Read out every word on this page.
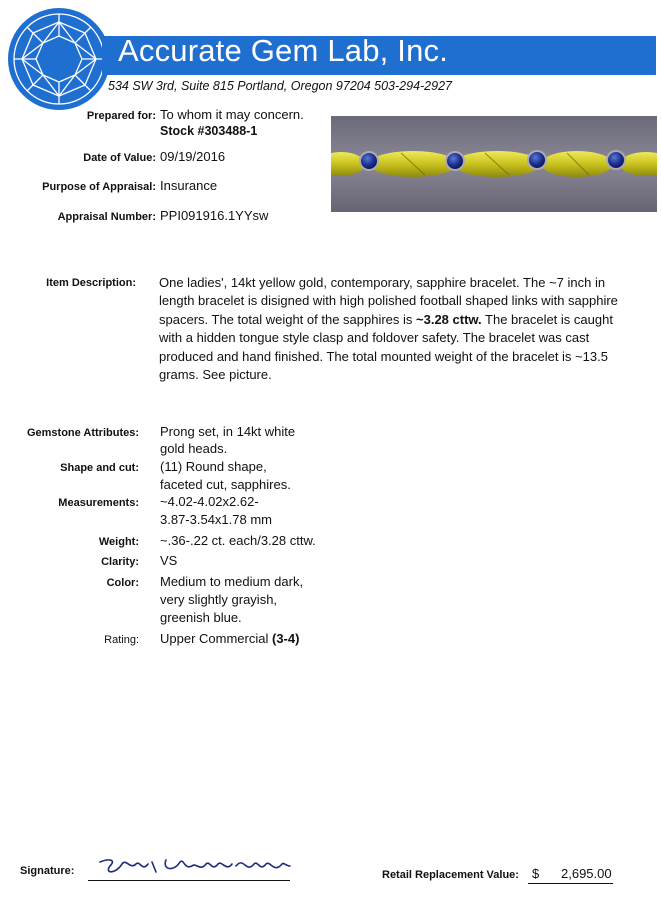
Accurate Gem Lab, Inc.
534 SW 3rd, Suite 815 Portland, Oregon 97204 503-294-2927
Prepared for: To whom it may concern.
Stock #303488-1
Date of Value: 09/19/2016
Purpose of Appraisal: Insurance
Appraisal Number: PPI091916.1YYsw
Item Description: One ladies', 14kt yellow gold, contemporary, sapphire bracelet. The ~7 inch in length bracelet is disigned with high polished football shaped links with sapphire spacers. The total weight of the sapphires is ~3.28 cttw. The bracelet is caught with a hidden tongue style clasp and foldover safety. The bracelet was cast produced and hand finished. The total mounted weight of the bracelet is ~13.5 grams. See picture.

Gemstone Attributes: Prong set, in 14kt white
gold heads.
Shape and cut: (11) Round shape,
faceted cut, sapphires.
Measurements: ~4.02-4.02x2.62-
3.87-3.54x1.78 mm
Weight: ~.36-.22 ct. each/3.28 cttw.
Clarity: VS
Color: Medium to medium dark,
very slightly grayish,
greenish blue.
Rating: Upper Commercial (3-4)
Signature:	Retail Replacement Value: $ 2,695.00
